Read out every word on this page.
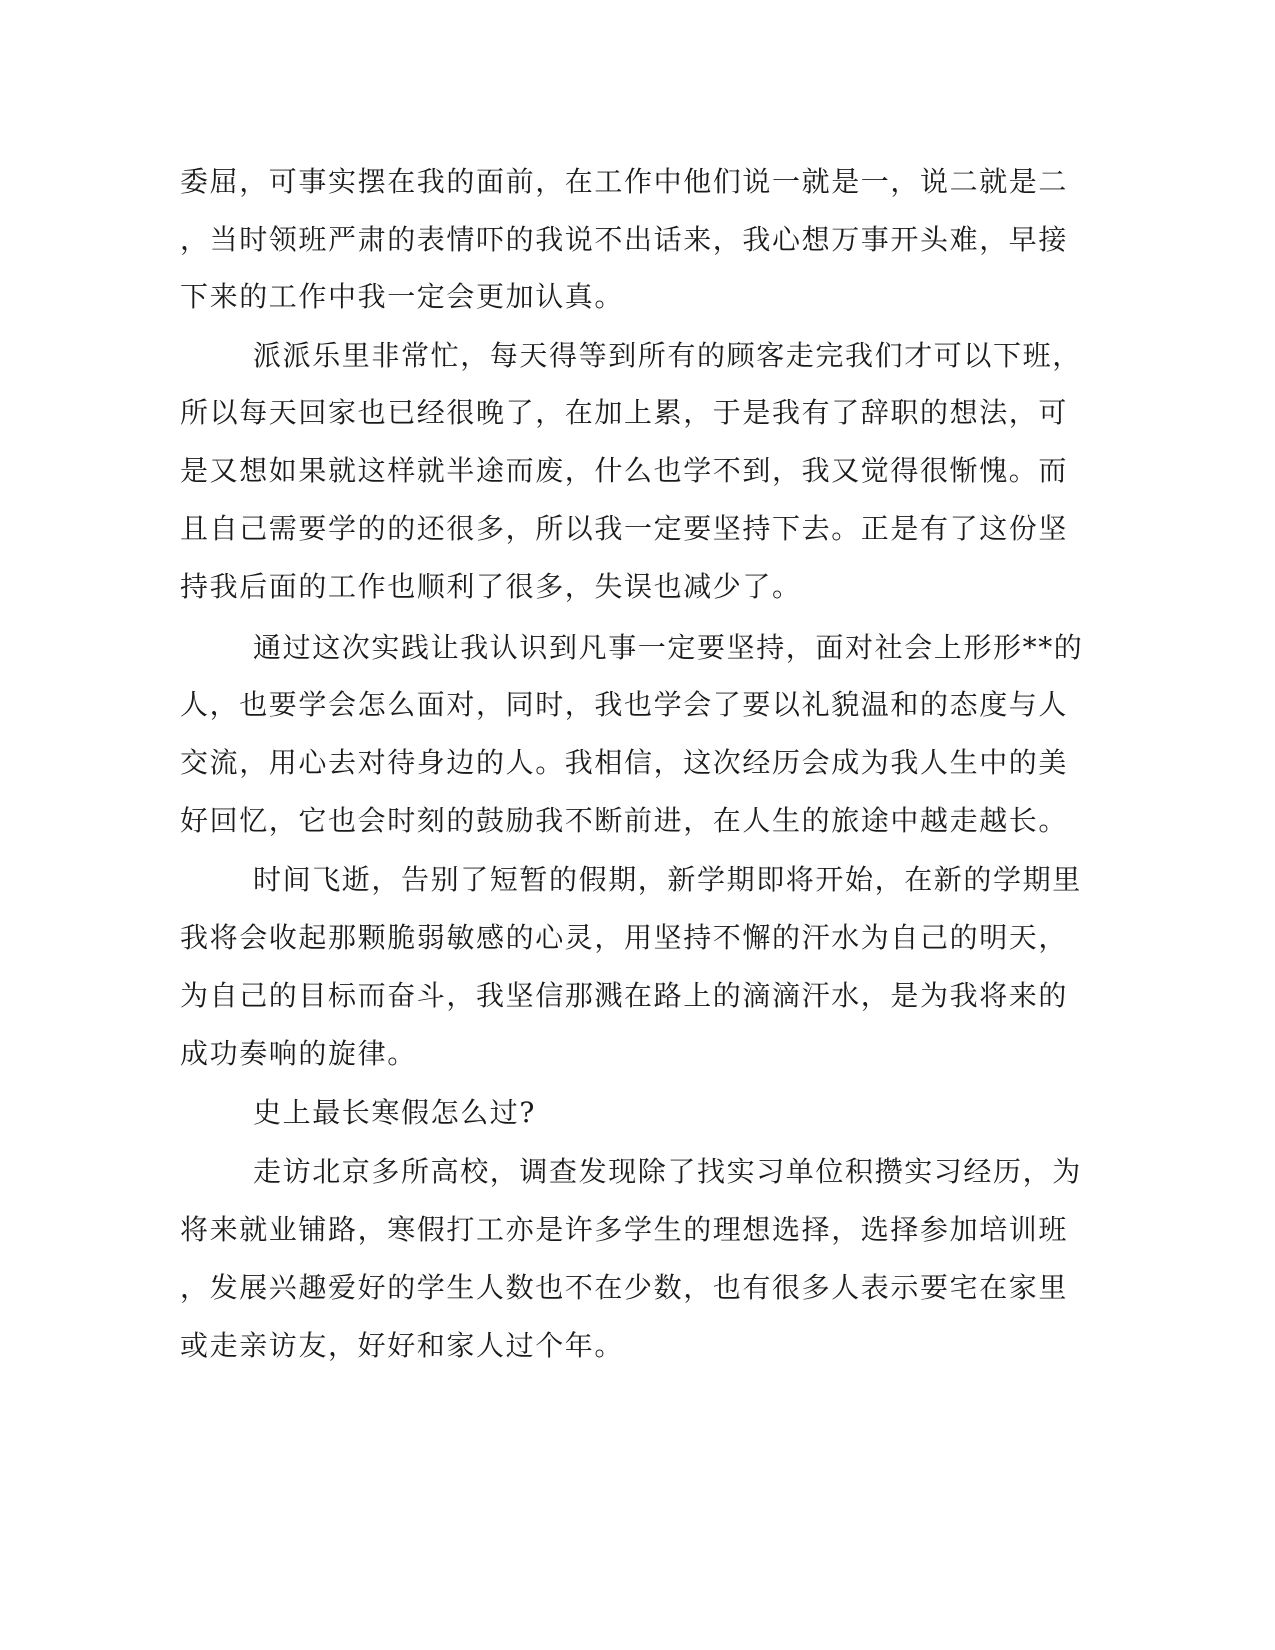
委屈，可事实摆在我的面前，在工作中他们说一就是一，说二就是二
，当时领班严肃的表情吓的我说不出话来，我心想万事开头难，早接
下来的工作中我一定会更加认真。
派派乐里非常忙，每天得等到所有的顾客走完我们才可以下班，
所以每天回家也已经很晚了，在加上累，于是我有了辞职的想法，可
是又想如果就这样就半途而废，什么也学不到，我又觉得很惭愧。而
且自己需要学的的还很多，所以我一定要坚持下去。正是有了这份坚
持我后面的工作也顺利了很多，失误也减少了。
通过这次实践让我认识到凡事一定要坚持，面对社会上形形**的
人，也要学会怎么面对，同时，我也学会了要以礼貌温和的态度与人
交流，用心去对待身边的人。我相信，这次经历会成为我人生中的美
好回忆，它也会时刻的鼓励我不断前进，在人生的旅途中越走越长。
时间飞逝，告别了短暂的假期，新学期即将开始，在新的学期里
我将会收起那颗脆弱敏感的心灵，用坚持不懈的汗水为自己的明天，
为自己的目标而奋斗，我坚信那溅在路上的滴滴汗水，是为我将来的
成功奏响的旋律。
史上最长寒假怎么过?
走访北京多所高校，调查发现除了找实习单位积攒实习经历，为
将来就业铺路，寒假打工亦是许多学生的理想选择，选择参加培训班
，发展兴趣爱好的学生人数也不在少数，也有很多人表示要宅在家里
或走亲访友，好好和家人过个年。
